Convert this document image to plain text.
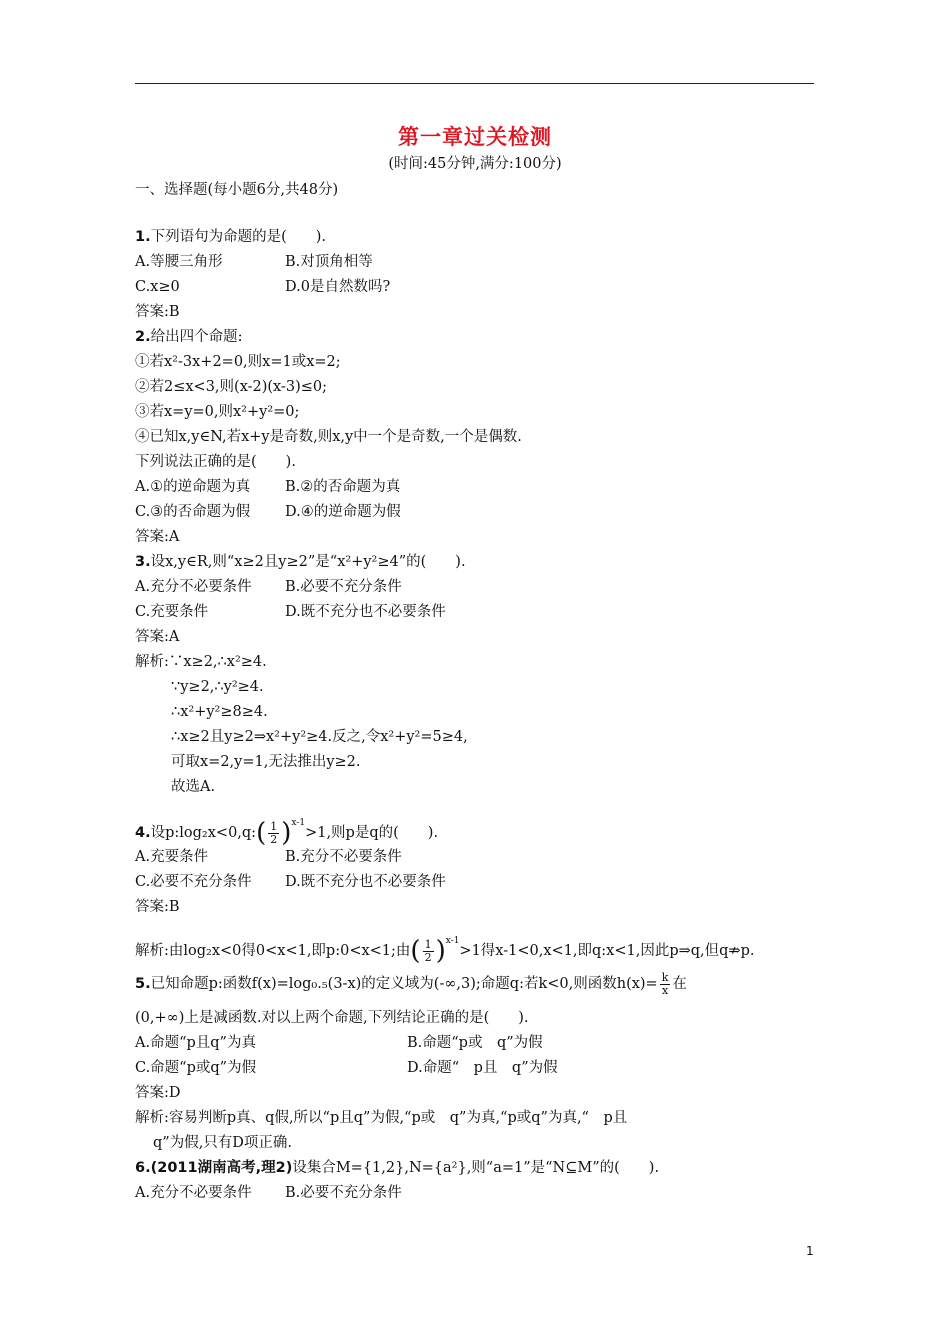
第一章过关检测
(时间:45分钟,满分:100分)
一、选择题(每小题6分,共48分)
1.下列语句为命题的是(　　).
A.等腰三角形	B.对顶角相等
C.x≥0	D.0是自然数吗?
答案:B
2.给出四个命题:
①若x²-3x+2=0,则x=1或x=2;
②若2≤x<3,则(x-2)(x-3)≤0;
③若x=y=0,则x²+y²=0;
④已知x,y∈N,若x+y是奇数,则x,y中一个是奇数,一个是偶数.
下列说法正确的是(　　).
A.①的逆命题为真 B.②的否命题为真
C.③的否命题为假 D.④的逆命题为假
答案:A
3.设x,y∈R,则“x≥2且y≥2”是“x²+y²≥4”的(　　).
A.充分不必要条件 B.必要不充分条件
C.充要条件	D.既不充分也不必要条件
答案:A
解析:∵x≥2,∴x²≥4.
∵y≥2,∴y²≥4.
∴x²+y²≥8≥4.
∴x≥2且y≥2⇒x²+y²≥4.反之,令x²+y²=5≥4,
可取x=2,y=1,无法推出y≥2.
故选A.
4.设p:log₂x<0,q:( $\frac{1}{2} )^{x-1}>1$,则p是q的(　　).
A.充要条件	B.充分不必要条件
C.必要不充分条件 D.既不充分也不必要条件
答案:B
解析:由log₂x<0得0<x<1,即p:0<x<1;由( $\frac{1}{2} )^{x-1}>1$得x-1<0,x<1,即q:x<1,因此p⇒q,但q⇏p.
5.已知命题p:函数f(x)=log₀.₅(3-x)的定义域为(-∞,3);命题q:若k<0,则函数$h(x)= \frac{k}{x}$ 在
(0,+∞)上是减函数.对以上两个命题,下列结论正确的是(　　).
A.命题“p且q”为真	B.命题“p或　q”为假
C.命题“p或q”为假	D.命题“　p且　q”为假
答案:D
解析:容易判断p真、q假,所以“p且q”为假,“p或　q”为真,“p或q”为真,“　p且
q”为假,只有D项正确.
6.(2011湖南高考,理2)设集合M={1,2},N={a²},则“a=1”是“N⊆M”的(　　).
A.充分不必要条件 B.必要不充分条件
1
